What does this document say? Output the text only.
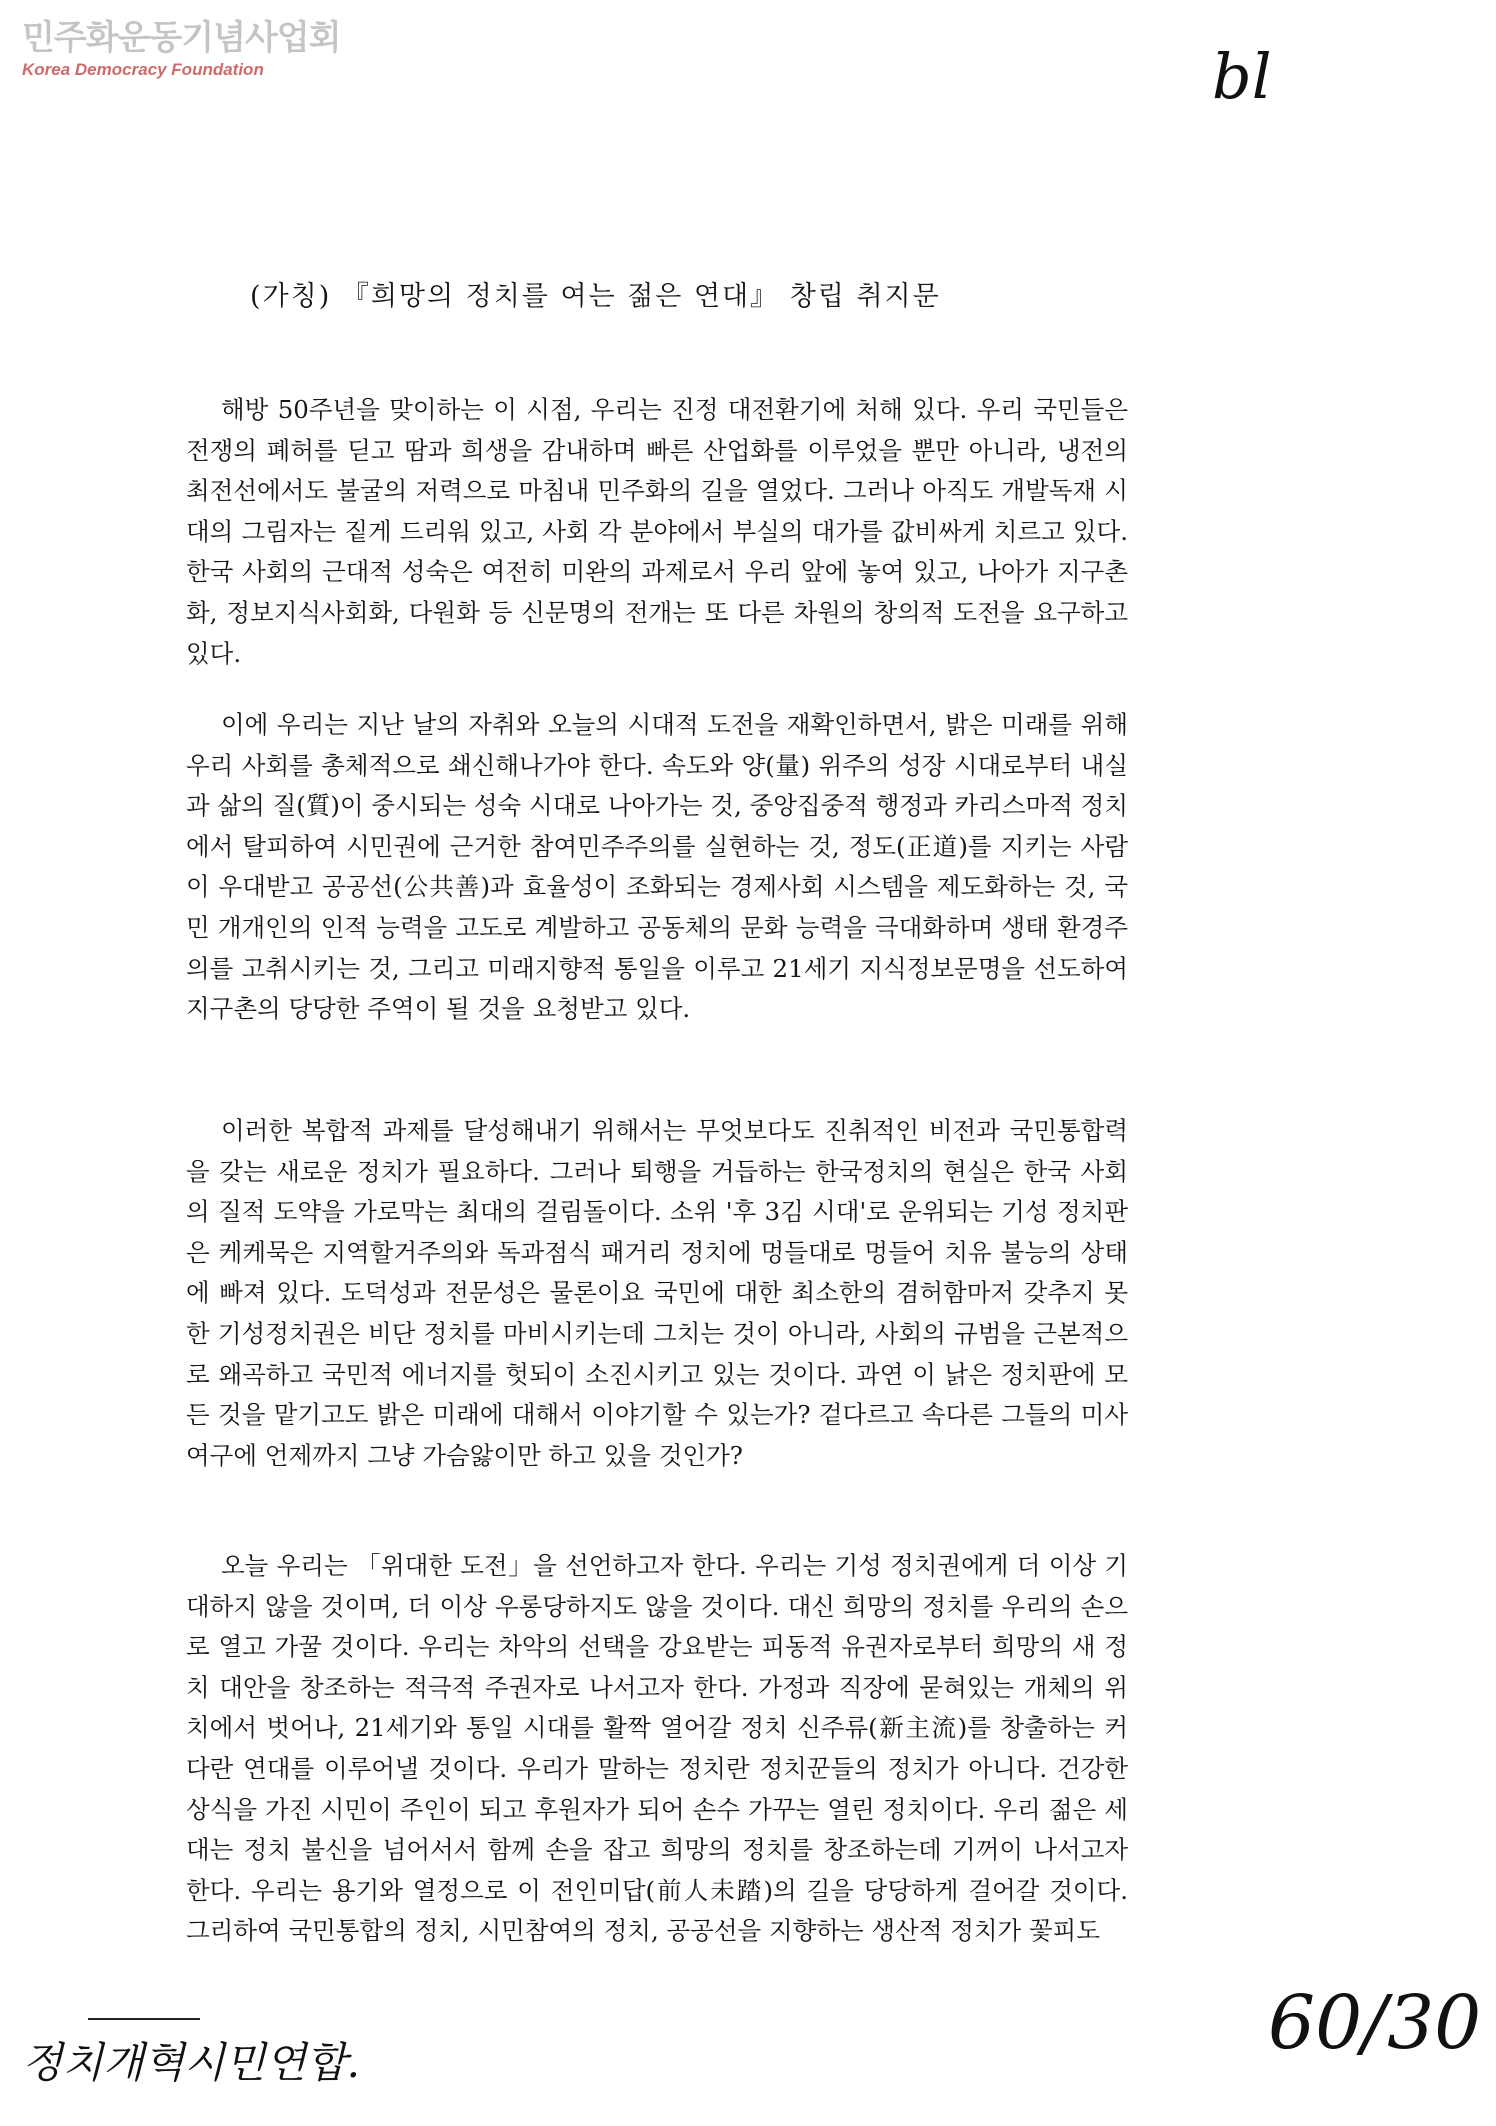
민주화운동기념사업회
Korea Democracy Foundation	bl
(가칭) 『희망의 정치를 여는 젊은 연대』 창립 취지문

해방 50주년을 맞이하는 이 시점, 우리는 진정 대전환기에 처해 있다. 우리 국민들은 전쟁의 폐허를 딛고 땀과 희생을 감내하며 빠른 산업화를 이루었을 뿐만 아니라, 냉전의 최전선에서도 불굴의 저력으로 마침내 민주화의 길을 열었다. 그러나 아직도 개발독재 시대의 그림자는 짙게 드리워 있고, 사회 각 분야에서 부실의 대가를 값비싸게 치르고 있다. 한국 사회의 근대적 성숙은 여전히 미완의 과제로서 우리 앞에 놓여 있고, 나아가 지구촌화, 정보지식사회화, 다원화 등 신문명의 전개는 또 다른 차원의 창의적 도전을 요구하고 있다.

이에 우리는 지난 날의 자취와 오늘의 시대적 도전을 재확인하면서, 밝은 미래를 위해 우리 사회를 총체적으로 쇄신해나가야 한다. 속도와 양(量) 위주의 성장 시대로부터 내실과 삶의 질(質)이 중시되는 성숙 시대로 나아가는 것, 중앙집중적 행정과 카리스마적 정치에서 탈피하여 시민권에 근거한 참여민주주의를 실현하는 것, 정도(正道)를 지키는 사람이 우대받고 공공선(公共善)과 효율성이 조화되는 경제사회 시스템을 제도화하는 것, 국민 개개인의 인적 능력을 고도로 계발하고 공동체의 문화 능력을 극대화하며 생태 환경주의를 고취시키는 것, 그리고 미래지향적 통일을 이루고 21세기 지식정보문명을 선도하여 지구촌의 당당한 주역이 될 것을 요청받고 있다.

이러한 복합적 과제를 달성해내기 위해서는 무엇보다도 진취적인 비전과 국민통합력을 갖는 새로운 정치가 필요하다. 그러나 퇴행을 거듭하는 한국정치의 현실은 한국 사회의 질적 도약을 가로막는 최대의 걸림돌이다. 소위 '후 3김 시대'로 운위되는 기성 정치판은 케케묵은 지역할거주의와 독과점식 패거리 정치에 멍들대로 멍들어 치유 불능의 상태에 빠져 있다. 도덕성과 전문성은 물론이요 국민에 대한 최소한의 겸허함마저 갖추지 못한 기성정치권은 비단 정치를 마비시키는데 그치는 것이 아니라, 사회의 규범을 근본적으로 왜곡하고 국민적 에너지를 헛되이 소진시키고 있는 것이다. 과연 이 낡은 정치판에 모든 것을 맡기고도 밝은 미래에 대해서 이야기할 수 있는가? 겉다르고 속다른 그들의 미사여구에 언제까지 그냥 가슴앓이만 하고 있을 것인가?

오늘 우리는 「위대한 도전」을 선언하고자 한다. 우리는 기성 정치권에게 더 이상 기대하지 않을 것이며, 더 이상 우롱당하지도 않을 것이다. 대신 희망의 정치를 우리의 손으로 열고 가꿀 것이다. 우리는 차악의 선택을 강요받는 피동적 유권자로부터 희망의 새 정치 대안을 창조하는 적극적 주권자로 나서고자 한다. 가정과 직장에 묻혀있는 개체의 위치에서 벗어나, 21세기와 통일 시대를 활짝 열어갈 정치 신주류(新主流)를 창출하는 커다란 연대를 이루어낼 것이다. 우리가 말하는 정치란 정치꾼들의 정치가 아니다. 건강한 상식을 가진 시민이 주인이 되고 후원자가 되어 손수 가꾸는 열린 정치이다. 우리 젊은 세대는 정치 불신을 넘어서서 함께 손을 잡고 희망의 정치를 창조하는데 기꺼이 나서고자 한다. 우리는 용기와 열정으로 이 전인미답(前人未踏)의 길을 당당하게 걸어갈 것이다. 그리하여 국민통합의 정치, 시민참여의 정치, 공공선을 지향하는 생산적 정치가 꽃피도

정치개혁시민연합.	60/30
